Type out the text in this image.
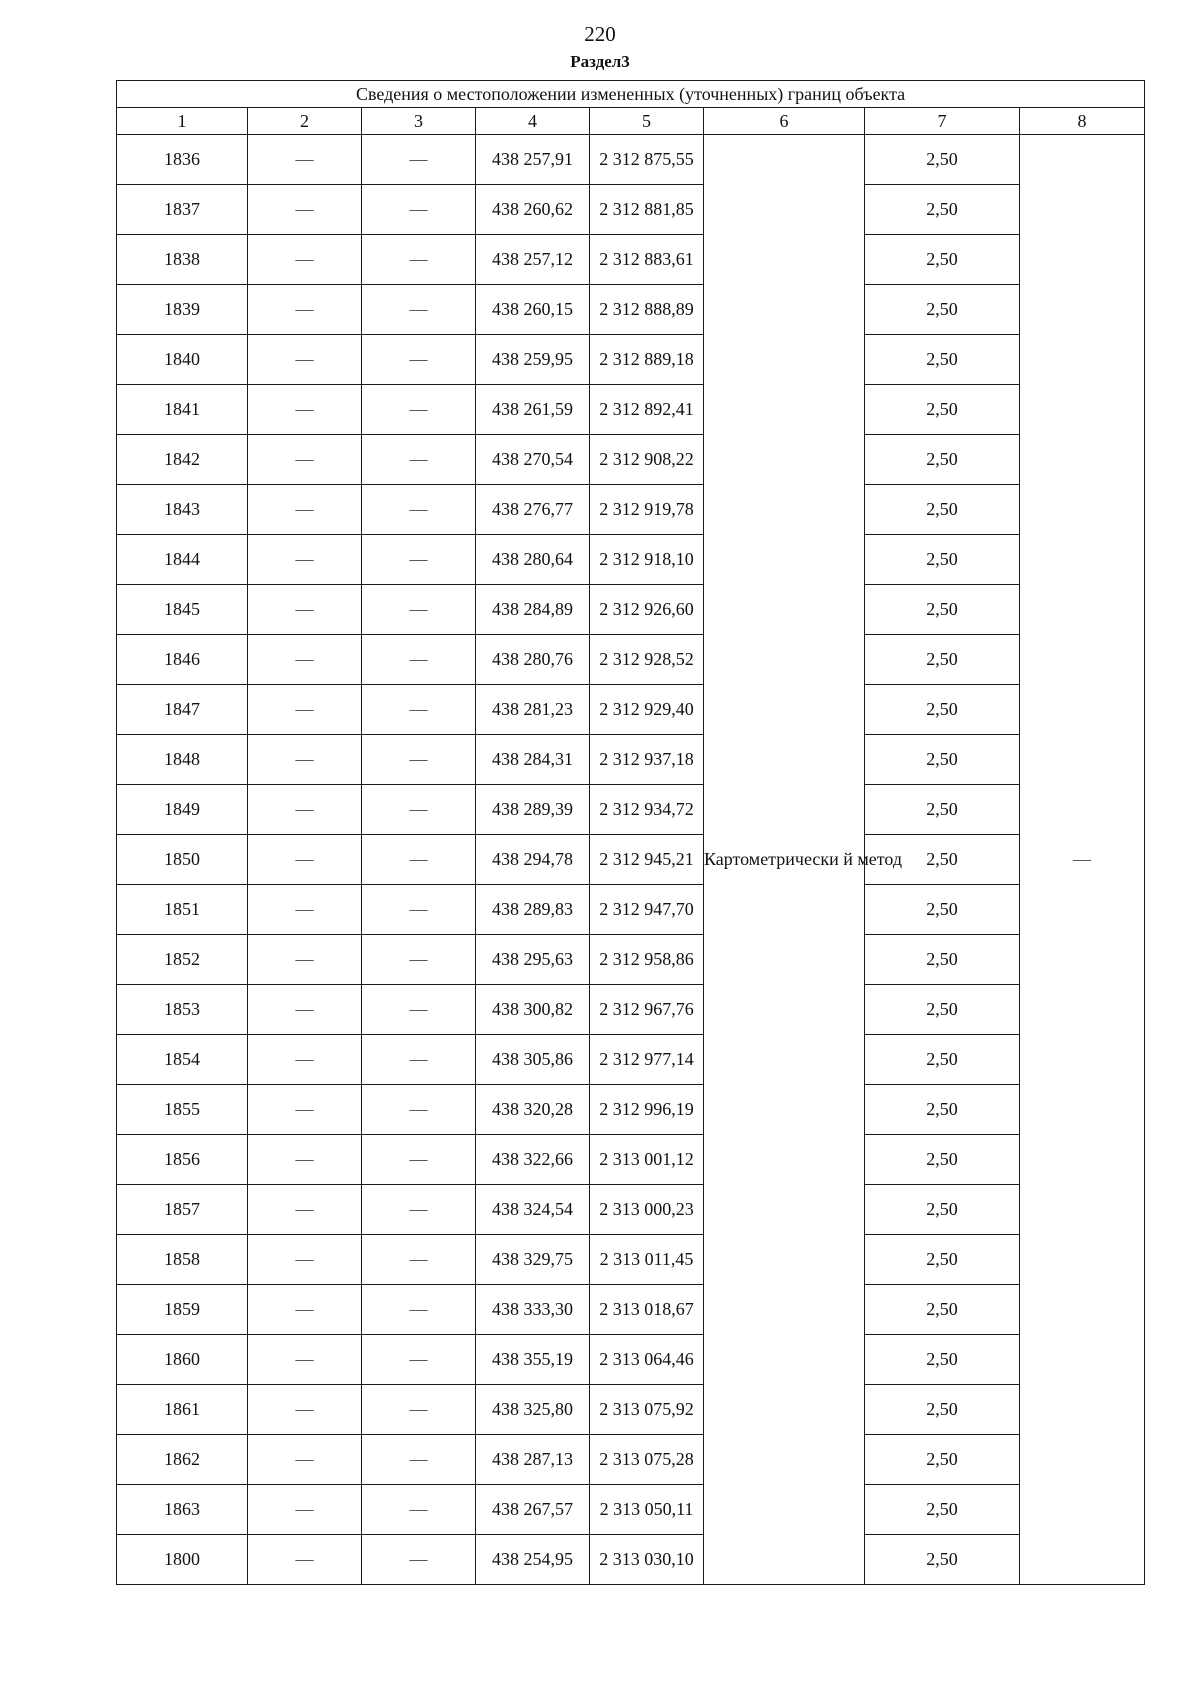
220
Раздел3
Сведения о местоположении измененных (уточненных) границ объекта							
1	2	3	4	5	6	7	8
1836	—	—	438 257,91	2 312 875,55	Картометрически й метод	2,50	—
1837	—	—	438 260,62	2 312 881,85		2,50	
1838	—	—	438 257,12	2 312 883,61		2,50	
1839	—	—	438 260,15	2 312 888,89		2,50	
1840	—	—	438 259,95	2 312 889,18		2,50	
1841	—	—	438 261,59	2 312 892,41		2,50	
1842	—	—	438 270,54	2 312 908,22		2,50	
1843	—	—	438 276,77	2 312 919,78		2,50	
1844	—	—	438 280,64	2 312 918,10		2,50	
1845	—	—	438 284,89	2 312 926,60		2,50	
1846	—	—	438 280,76	2 312 928,52		2,50	
1847	—	—	438 281,23	2 312 929,40		2,50	
1848	—	—	438 284,31	2 312 937,18		2,50	
1849	—	—	438 289,39	2 312 934,72		2,50	
1850	—	—	438 294,78	2 312 945,21		2,50	
1851	—	—	438 289,83	2 312 947,70		2,50	
1852	—	—	438 295,63	2 312 958,86		2,50	
1853	—	—	438 300,82	2 312 967,76		2,50	
1854	—	—	438 305,86	2 312 977,14		2,50	
1855	—	—	438 320,28	2 312 996,19		2,50	
1856	—	—	438 322,66	2 313 001,12		2,50	
1857	—	—	438 324,54	2 313 000,23		2,50	
1858	—	—	438 329,75	2 313 011,45		2,50	
1859	—	—	438 333,30	2 313 018,67		2,50	
1860	—	—	438 355,19	2 313 064,46		2,50	
1861	—	—	438 325,80	2 313 075,92		2,50	
1862	—	—	438 287,13	2 313 075,28		2,50	
1863	—	—	438 267,57	2 313 050,11		2,50	
1800	—	—	438 254,95	2 313 030,10		2,50	
